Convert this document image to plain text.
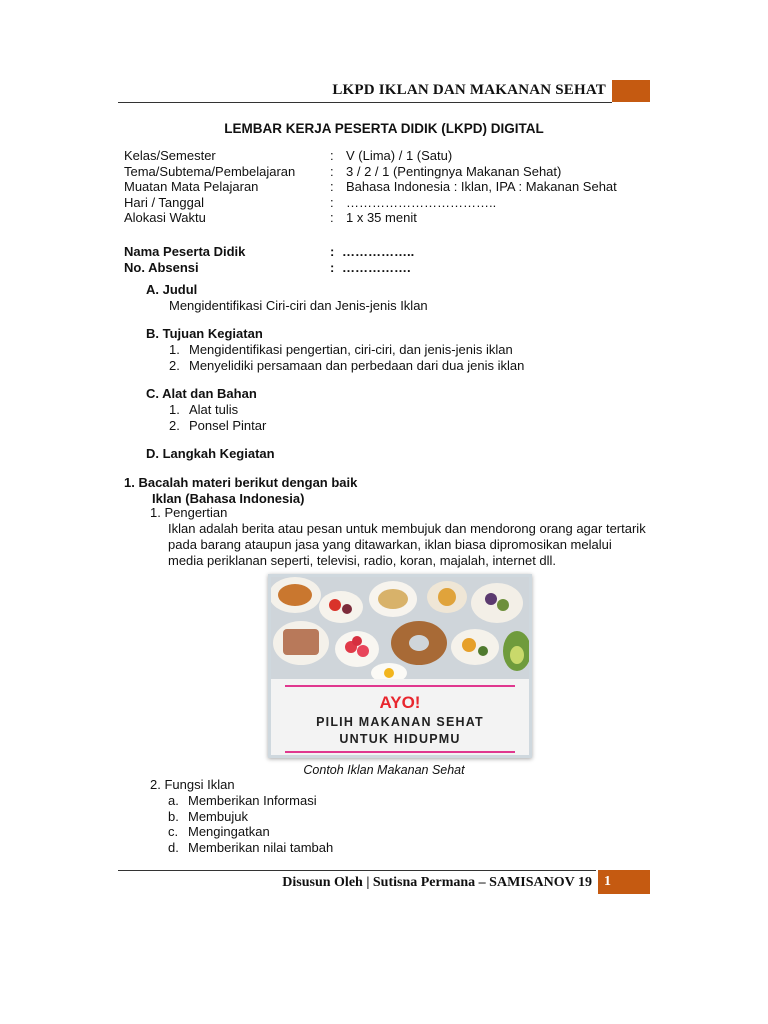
LKPD IKLAN DAN MAKANAN SEHAT
LEMBAR KERJA PESERTA DIDIK (LKPD) DIGITAL
Kelas/Semester	: V (Lima) / 1 (Satu)
Tema/Subtema/Pembelajaran	: 3 / 2 / 1 (Pentingnya Makanan Sehat)
Muatan Mata Pelajaran	: Bahasa Indonesia : Iklan, IPA : Makanan Sehat
Hari / Tanggal	: ……………………………..
Alokasi Waktu	: 1 x 35 menit
Nama Peserta Didik	: ……………..
No. Absensi	: …………….
A. Judul
Mengidentifikasi Ciri-ciri dan Jenis-jenis Iklan
B. Tujuan Kegiatan
1. Mengidentifikasi pengertian, ciri-ciri, dan jenis-jenis iklan
2. Menyelidiki persamaan dan perbedaan dari dua jenis iklan
C. Alat dan Bahan
1. Alat tulis
2. Ponsel Pintar
D. Langkah Kegiatan
1. Bacalah materi berikut dengan baik
Iklan (Bahasa Indonesia)
1. Pengertian
Iklan adalah berita atau pesan untuk membujuk dan mendorong orang agar tertarik pada barang ataupun jasa yang ditawarkan, iklan biasa dipromosikan melalui media periklanan seperti, televisi, radio, koran, majalah, internet dll.
AYO!
PILIH MAKANAN SEHAT
UNTUK HIDUPMU
Contoh Iklan Makanan Sehat
2. Fungsi Iklan
a. Memberikan Informasi
b. Membujuk
c. Mengingatkan
d. Memberikan nilai tambah
Disusun Oleh | Sutisna Permana – SAMISANOV 19 1
